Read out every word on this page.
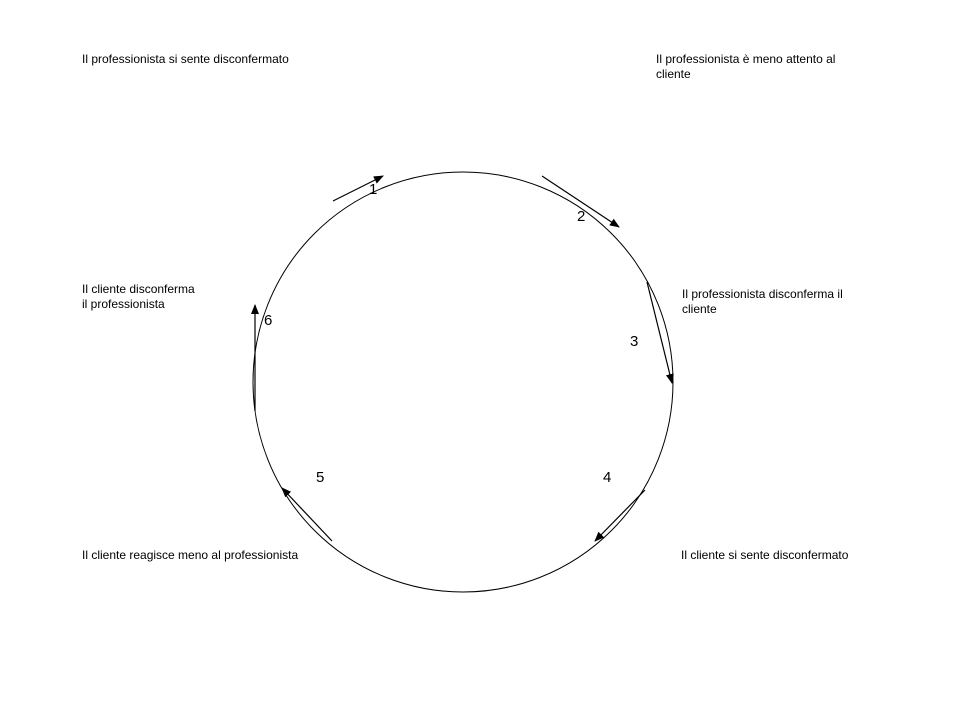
Il professionista si sente disconfermato	Il professionista è meno attento al
cliente
Il professionista disconferma il
cliente
Il cliente si sente disconfermato
Il cliente reagisce meno al professionista
Il cliente disconferma
il professionista
1
2
3
4
5
6
